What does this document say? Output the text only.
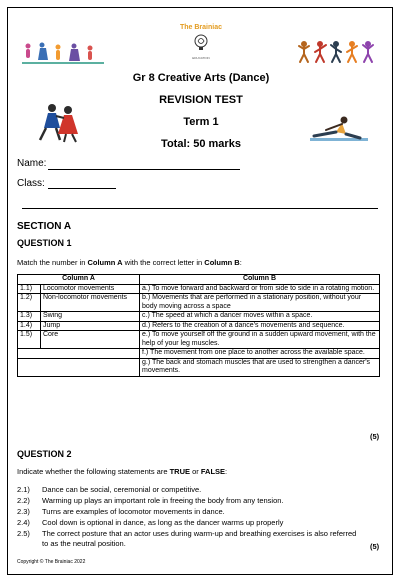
The Brainiac
EDUCATION
Gr 8 Creative Arts (Dance)
REVISION TEST
Term 1
Total: 50 marks
Name:
Class:
SECTION A
QUESTION 1
Match the number in Column A with the correct letter in Column B:
Column A		Column B
1.1)	Locomotor movements	a.) To move forward and backward or from side to side in a rotating motion.
1.2)	Non-locomotor movements	b.) Movements that are performed in a stationary position, without your body moving across a space
1.3)	Swing	c.) The speed at which a dancer moves within a space.
1.4)	Jump	d.) Refers to the creation of a dance's movements and sequence.
1.5)	Core	e.) To move yourself off the ground in a sudden upward movement, with the help of your leg muscles.
		f.) The movement from one place to another across the available space.
		g.) The back and stomach muscles that are used to strengthen a dancer's movements.
(5)
QUESTION 2
Indicate whether the following statements are TRUE or FALSE:
2.1) Dance can be social, ceremonial or competitive.
2.2) Warming up plays an important role in freeing the body from any tension.
2.3) Turns are examples of locomotor movements in dance.
2.4) Cool down is optional in dance, as long as the dancer warms up properly
2.5) The correct posture that an actor uses during warm-up and breathing exercises is also referred to as the neutral position.	(5)
Copyright © The Brainiac 2022
